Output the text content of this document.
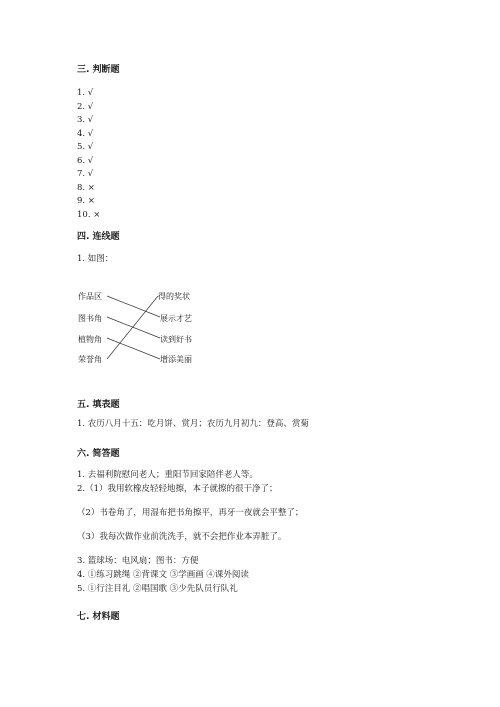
三. 判断题
1. √
2. √
3. √
4. √
5. √
6. √
7. √
8. ×
9. ×
10. ×
四. 连线题
1. 如图：
作品区
图书角
植物角
荣誉角
得的奖状
展示才艺
读到好书
增添美丽
五. 填表题
1. 农历八月十五：吃月饼、赏月；农历九月初九：登高、赏菊
六. 简答题
1. 去福利院慰问老人；重阳节回家陪伴老人等。
2.（1）我用软橡皮轻轻地擦，本子就擦的很干净了；
（2）书卷角了，用湿布把书角擦平，再牙一夜就会平整了；
（3）我每次做作业前洗洗手，就不会把作业本弄脏了。
3. 篮球场：电风扇；图书：方便
4. ①练习跳绳 ②背课文 ③学画画 ④课外阅读
5. ①行注目礼 ②唱国歌 ③少先队员行队礼
七. 材料题
